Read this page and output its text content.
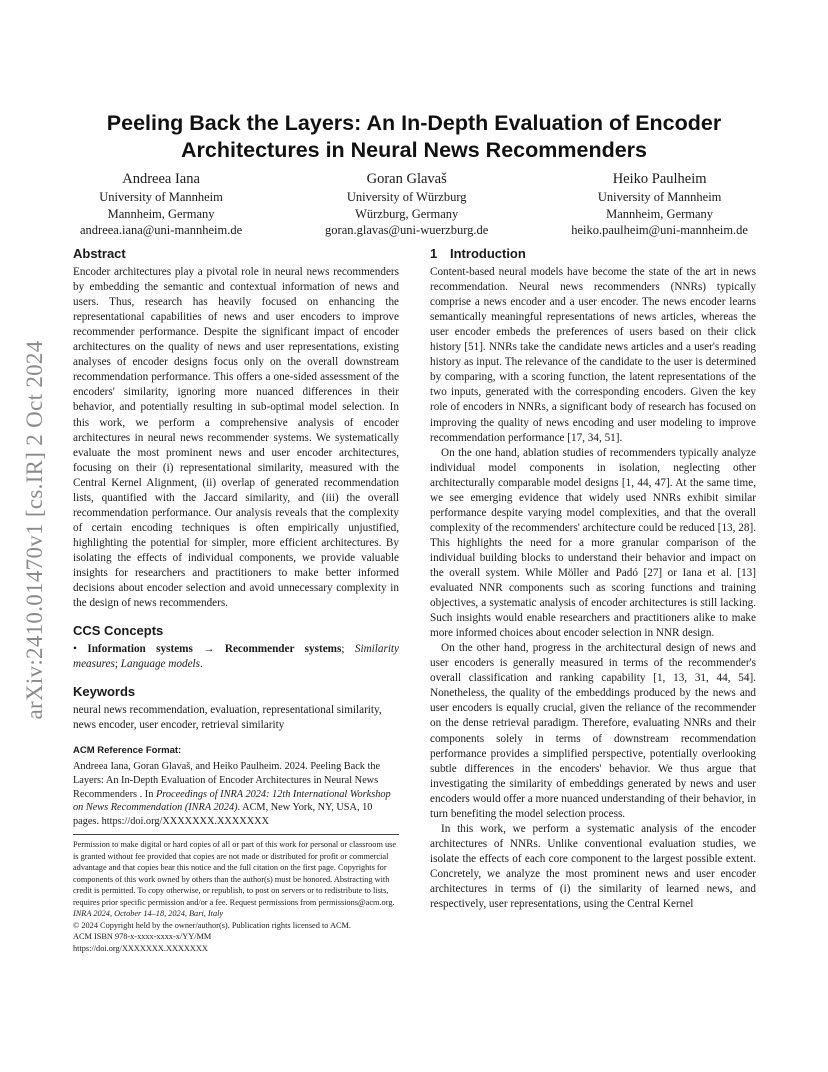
arXiv:2410.01470v1 [cs.IR] 2 Oct 2024
Peeling Back the Layers: An In-Depth Evaluation of Encoder Architectures in Neural News Recommenders
Andreea Iana
University of Mannheim
Mannheim, Germany
andreea.iana@uni-mannheim.de
Goran Glavaš
University of Würzburg
Würzburg, Germany
goran.glavas@uni-wuerzburg.de
Heiko Paulheim
University of Mannheim
Mannheim, Germany
heiko.paulheim@uni-mannheim.de
Abstract

Encoder architectures play a pivotal role in neural news recommenders by embedding the semantic and contextual information of news and users. Thus, research has heavily focused on enhancing the representational capabilities of news and user encoders to improve recommender performance. Despite the significant impact of encoder architectures on the quality of news and user representations, existing analyses of encoder designs focus only on the overall downstream recommendation performance. This offers a one-sided assessment of the encoders' similarity, ignoring more nuanced differences in their behavior, and potentially resulting in sub-optimal model selection. In this work, we perform a comprehensive analysis of encoder architectures in neural news recommender systems. We systematically evaluate the most prominent news and user encoder architectures, focusing on their (i) representational similarity, measured with the Central Kernel Alignment, (ii) overlap of generated recommendation lists, quantified with the Jaccard similarity, and (iii) the overall recommendation performance. Our analysis reveals that the complexity of certain encoding techniques is often empirically unjustified, highlighting the potential for simpler, more efficient architectures. By isolating the effects of individual components, we provide valuable insights for researchers and practitioners to make better informed decisions about encoder selection and avoid unnecessary complexity in the design of news recommenders.

CCS Concepts

• Information systems → Recommender systems; Similarity measures; Language models.

Keywords

neural news recommendation, evaluation, representational similarity, news encoder, user encoder, retrieval similarity

ACM Reference Format:
Andreea Iana, Goran Glavaš, and Heiko Paulheim. 2024. Peeling Back the Layers: An In-Depth Evaluation of Encoder Architectures in Neural News Recommenders . In Proceedings of INRA 2024: 12th International Workshop on News Recommendation (INRA 2024). ACM, New York, NY, USA, 10 pages. https://doi.org/XXXXXXX.XXXXXXX

Permission to make digital or hard copies of all or part of this work for personal or classroom use is granted without fee provided that copies are not made or distributed for profit or commercial advantage and that copies bear this notice and the full citation on the first page. Copyrights for components of this work owned by others than the author(s) must be honored. Abstracting with credit is permitted. To copy otherwise, or republish, to post on servers or to redistribute to lists, requires prior specific permission and/or a fee. Request permissions from permissions@acm.org.

INRA 2024, October 14–18, 2024, Bari, Italy

© 2024 Copyright held by the owner/author(s). Publication rights licensed to ACM.

ACM ISBN 978-x-xxxx-xxxx-x/YY/MM

https://doi.org/XXXXXXX.XXXXXXX

1 Introduction

Content-based neural models have become the state of the art in news recommendation. Neural news recommenders (NNRs) typically comprise a news encoder and a user encoder. The news encoder learns semantically meaningful representations of news articles, whereas the user encoder embeds the preferences of users based on their click history [51]. NNRs take the candidate news articles and a user's reading history as input. The relevance of the candidate to the user is determined by comparing, with a scoring function, the latent representations of the two inputs, generated with the corresponding encoders. Given the key role of encoders in NNRs, a significant body of research has focused on improving the quality of news encoding and user modeling to improve recommendation performance [17, 34, 51].

On the one hand, ablation studies of recommenders typically analyze individual model components in isolation, neglecting other architecturally comparable model designs [1, 44, 47]. At the same time, we see emerging evidence that widely used NNRs exhibit similar performance despite varying model complexities, and that the overall complexity of the recommenders' architecture could be reduced [13, 28]. This highlights the need for a more granular comparison of the individual building blocks to understand their behavior and impact on the overall system. While Möller and Padó [27] or Iana et al. [13] evaluated NNR components such as scoring functions and training objectives, a systematic analysis of encoder architectures is still lacking. Such insights would enable researchers and practitioners alike to make more informed choices about encoder selection in NNR design.

On the other hand, progress in the architectural design of news and user encoders is generally measured in terms of the recommender's overall classification and ranking capability [1, 13, 31, 44, 54]. Nonetheless, the quality of the embeddings produced by the news and user encoders is equally crucial, given the reliance of the recommender on the dense retrieval paradigm. Therefore, evaluating NNRs and their components solely in terms of downstream recommendation performance provides a simplified perspective, potentially overlooking subtle differences in the encoders' behavior. We thus argue that investigating the similarity of embeddings generated by news and user encoders would offer a more nuanced understanding of their behavior, in turn benefiting the model selection process.

In this work, we perform a systematic analysis of the encoder architectures of NNRs. Unlike conventional evaluation studies, we isolate the effects of each core component to the largest possible extent. Concretely, we analyze the most prominent news and user encoder architectures in terms of (i) the similarity of learned news, and respectively, user representations, using the Central Kernel
